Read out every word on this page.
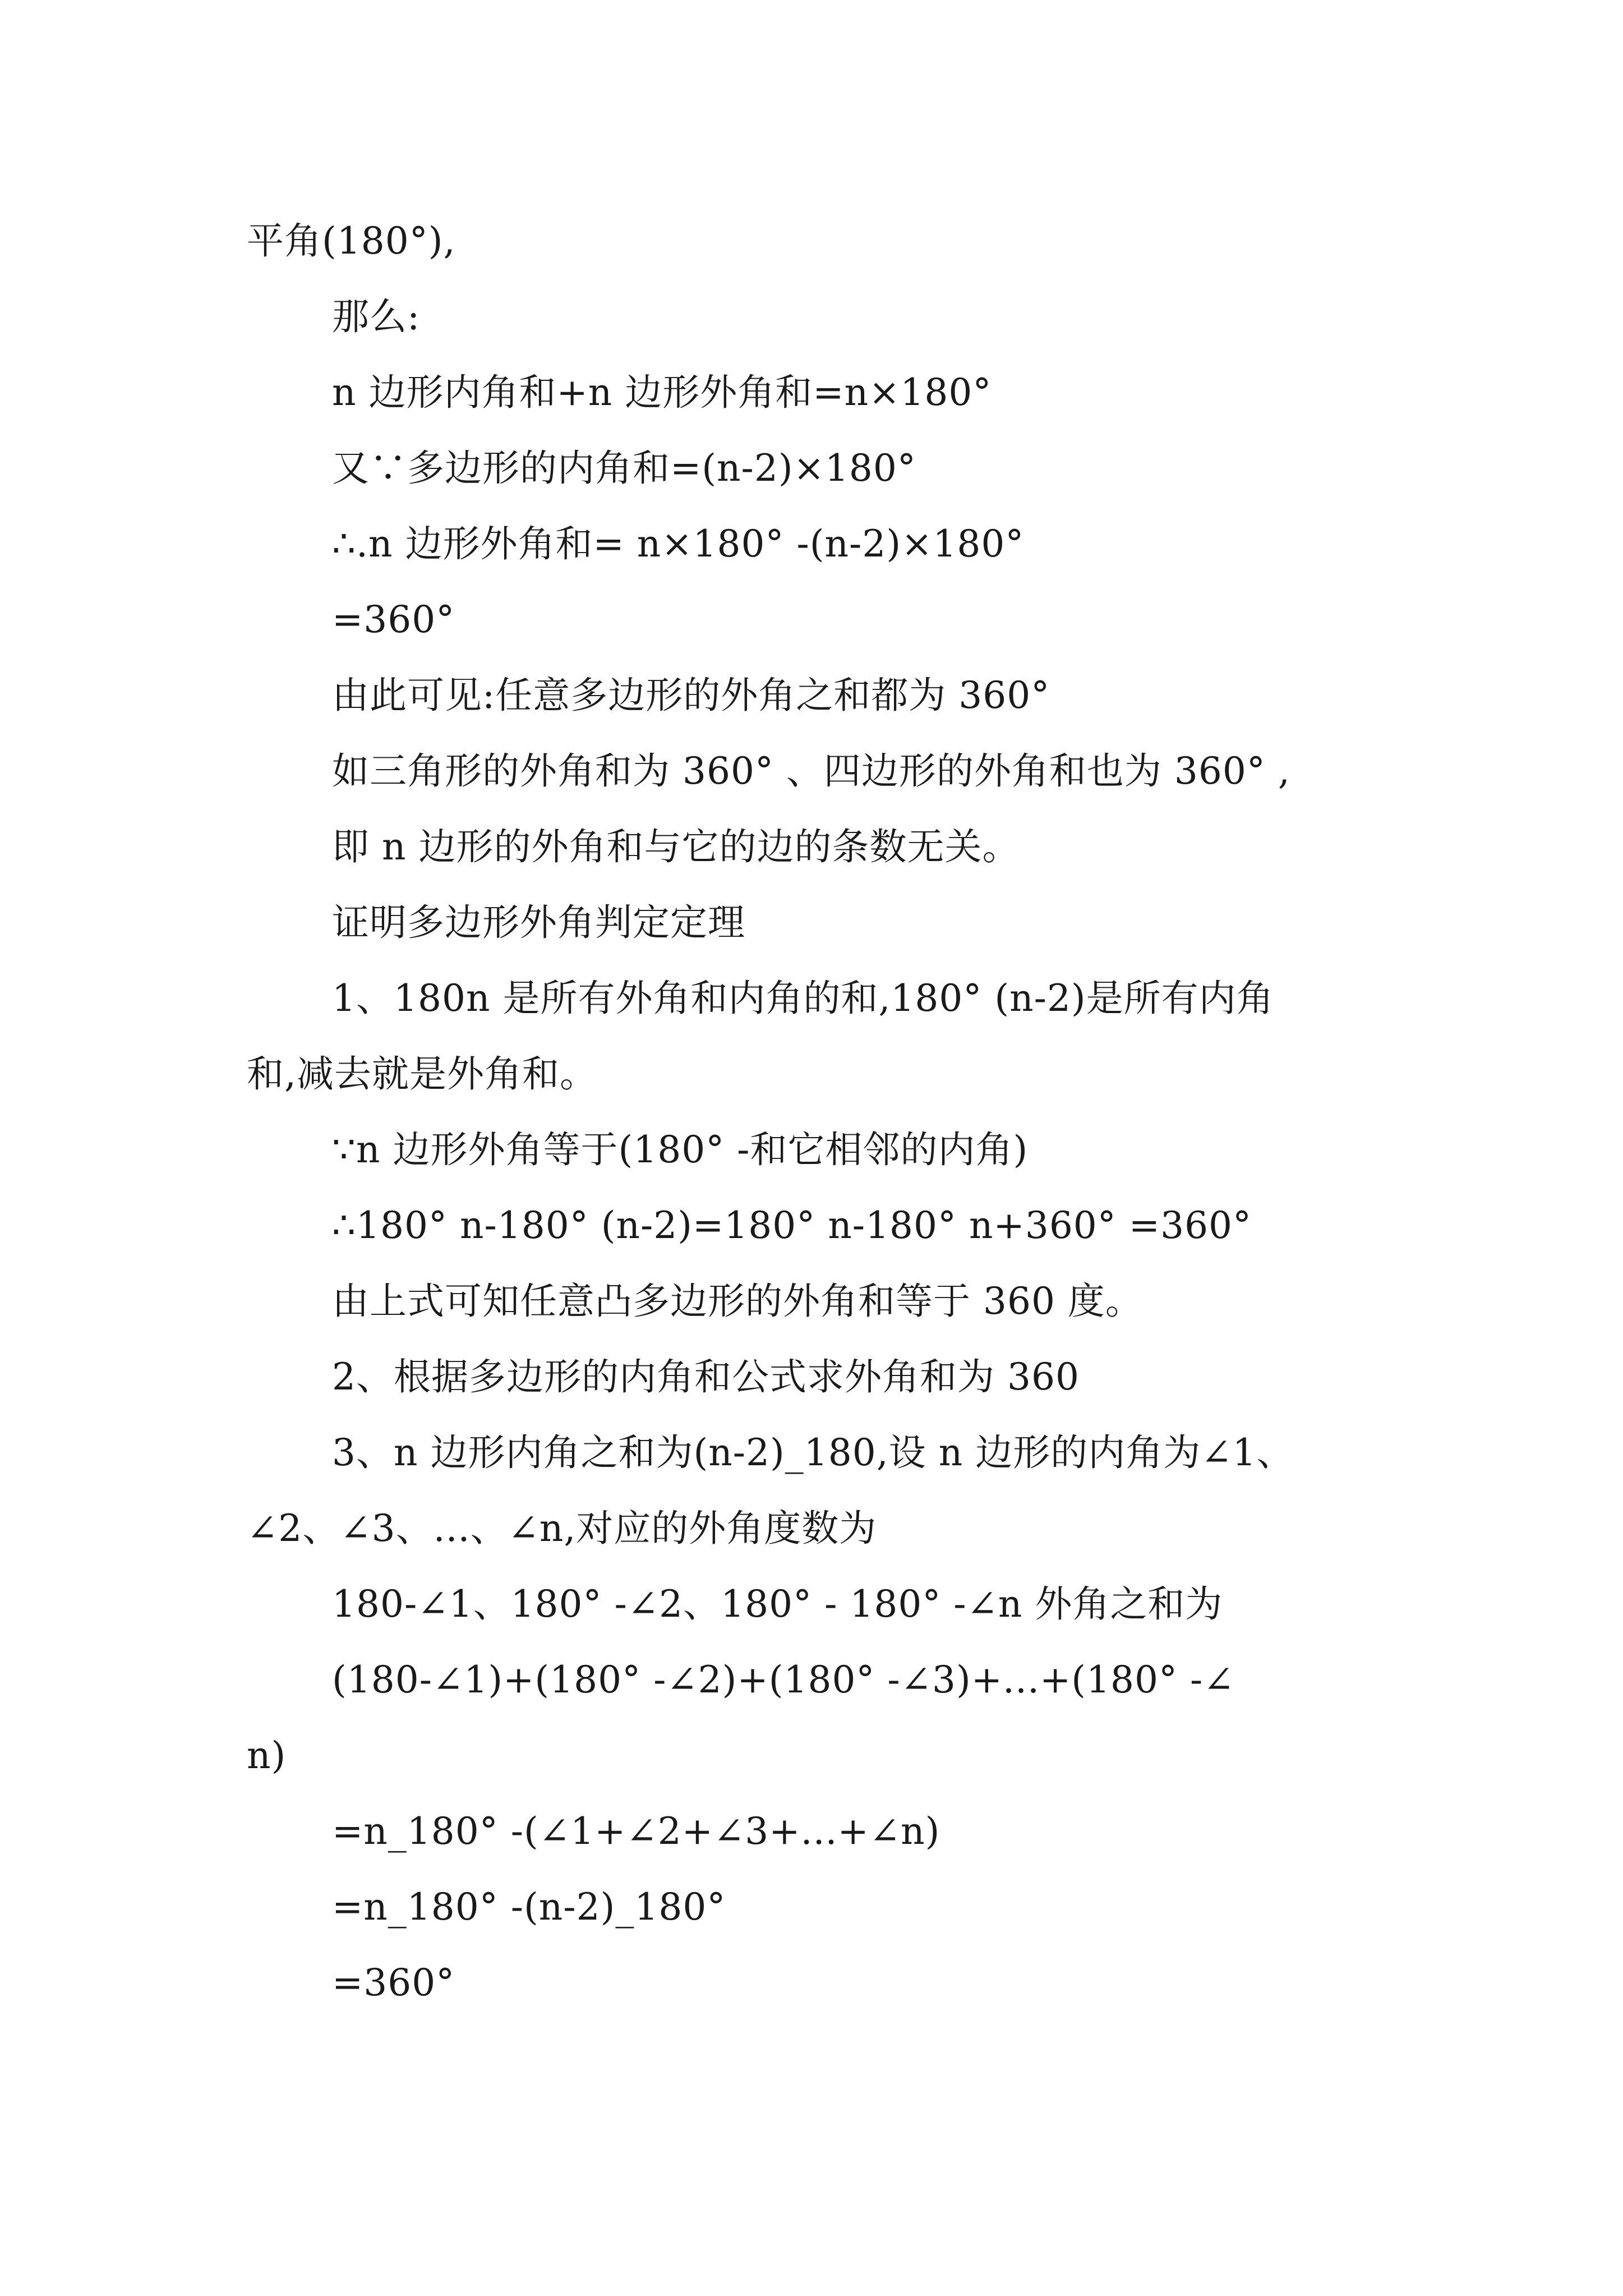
平角(180°),
那么:
n 边形内角和+n 边形外角和=n×180°
又∵多边形的内角和=(n-2)×180°
∴.n 边形外角和= n×180° -(n-2)×180°
=360°
由此可见:任意多边形的外角之和都为 360°
如三角形的外角和为 360° 、四边形的外角和也为 360° ,
即 n 边形的外角和与它的边的条数无关。
证明多边形外角判定定理
1、180n 是所有外角和内角的和,180° (n-2)是所有内角
和,减去就是外角和。
∵n 边形外角等于(180° -和它相邻的内角)
∴180° n-180° (n-2)=180° n-180° n+360° =360°
由上式可知任意凸多边形的外角和等于 360 度。
2、根据多边形的内角和公式求外角和为 360
3、n 边形内角之和为(n-2)_180,设 n 边形的内角为∠1、
∠2、∠3、...、∠n,对应的外角度数为
180-∠1、180° -∠2、180° - 180° -∠n 外角之和为
(180-∠1)+(180° -∠2)+(180° -∠3)+...+(180° -∠
n)
=n_180° -(∠1+∠2+∠3+...+∠n)
=n_180° -(n-2)_180°
=360°
